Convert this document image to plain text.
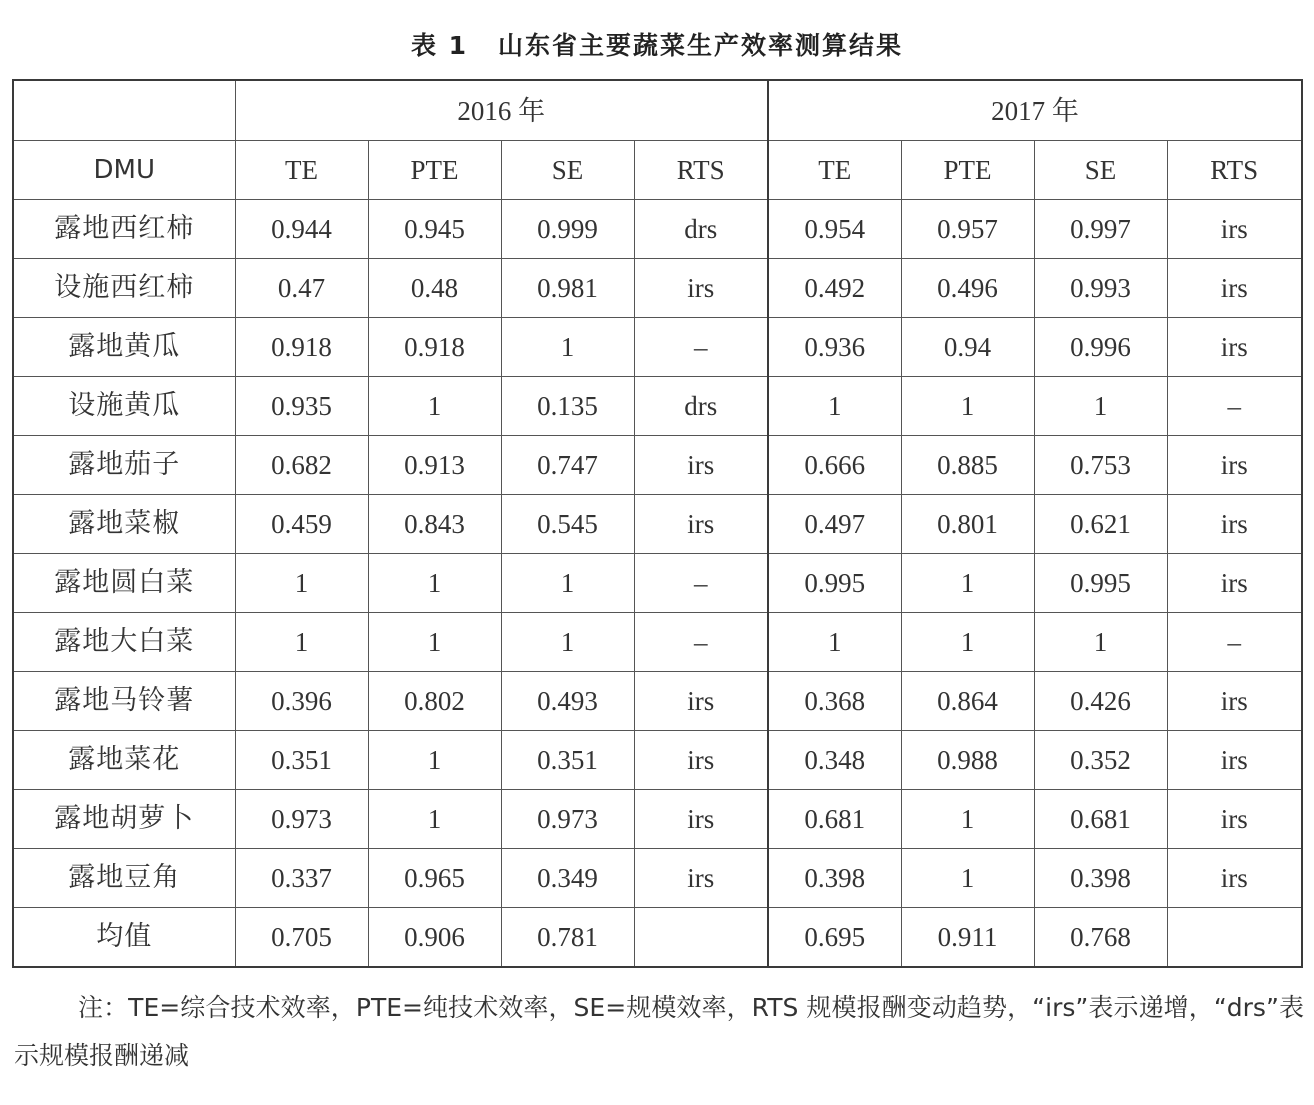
表 1 山东省主要蔬菜生产效率测算结果
	2016 年				2017 年			
DMU	TE	PTE	SE	RTS	TE	PTE	SE	RTS
露地西红柿	0.944	0.945	0.999	drs	0.954	0.957	0.997	irs
设施西红柿	0.47	0.48	0.981	irs	0.492	0.496	0.993	irs
露地黄瓜	0.918	0.918	1	–	0.936	0.94	0.996	irs
设施黄瓜	0.935	1	0.135	drs	1	1	1	–
露地茄子	0.682	0.913	0.747	irs	0.666	0.885	0.753	irs
露地菜椒	0.459	0.843	0.545	irs	0.497	0.801	0.621	irs
露地圆白菜	1	1	1	–	0.995	1	0.995	irs
露地大白菜	1	1	1	–	1	1	1	–
露地马铃薯	0.396	0.802	0.493	irs	0.368	0.864	0.426	irs
露地菜花	0.351	1	0.351	irs	0.348	0.988	0.352	irs
露地胡萝卜	0.973	1	0.973	irs	0.681	1	0.681	irs
露地豆角	0.337	0.965	0.349	irs	0.398	1	0.398	irs
均值	0.705	0.906	0.781		0.695	0.911	0.768	
注：TE=综合技术效率，PTE=纯技术效率，SE=规模效率，RTS 规模报酬变动趋势，“irs”表示递增，“drs”表示规模报酬递减
